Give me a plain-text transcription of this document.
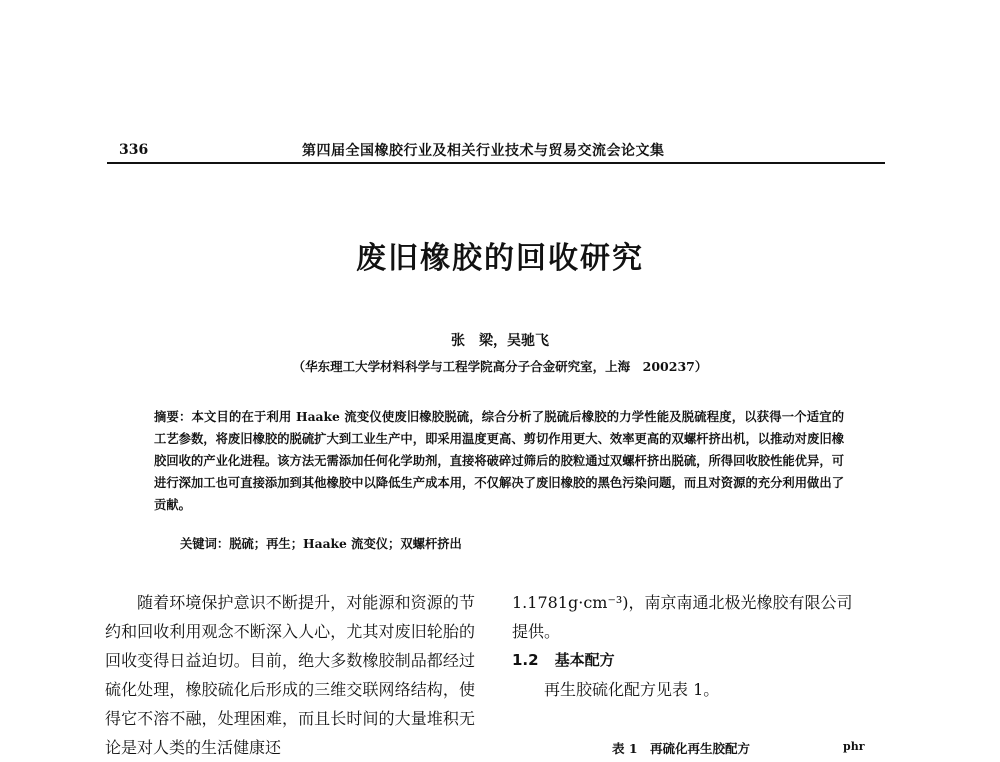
336	第四届全国橡胶行业及相关行业技术与贸易交流会论文集
废旧橡胶的回收研究
张　梁，吴驰飞
（华东理工大学材料科学与工程学院高分子合金研究室，上海　200237）
摘要：本文目的在于利用 Haake 流变仪使废旧橡胶脱硫，综合分析了脱硫后橡胶的力学性能及脱硫程度，以获得一个适宜的工艺参数，将废旧橡胶的脱硫扩大到工业生产中，即采用温度更高、剪切作用更大、效率更高的双螺杆挤出机，以推动对废旧橡胶回收的产业化进程。该方法无需添加任何化学助剂，直接将破碎过筛后的胶粒通过双螺杆挤出脱硫，所得回收胶性能优异，可进行深加工也可直接添加到其他橡胶中以降低生产成本用，不仅解决了废旧橡胶的黑色污染问题，而且对资源的充分利用做出了贡献。
关键词：脱硫；再生；Haake 流变仪；双螺杆挤出

随着环境保护意识不断提升，对能源和资源的节约和回收利用观念不断深入人心，尤其对废旧轮胎的回收变得日益迫切。目前，绝大多数橡胶制品都经过硫化处理，橡胶硫化后形成的三维交联网络结构，使得它不溶不融，处理困难，而且长时间的大量堆积无论是对人类的生活健康还

1.1781g·cm⁻³)，南京南通北极光橡胶有限公司

提供。

1.2 基本配方

再生胶硫化配方见表 1。

表 1　再硫化再生胶配方	phr
